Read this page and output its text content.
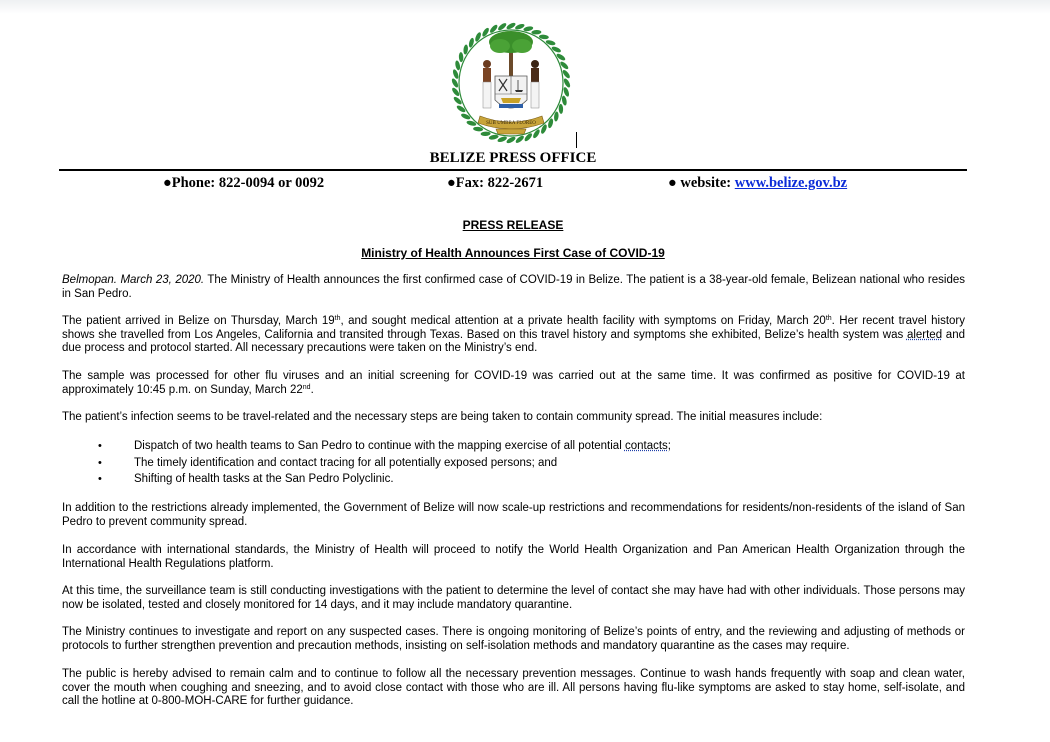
SUB UMBRA FLOREO
BELIZE PRESS OFFICE
●Phone: 822-0094 or 0092	●Fax: 822-2671	● website: www.belize.gov.bz
PRESS RELEASE
Ministry of Health Announces First Case of COVID-19

Belmopan. March 23, 2020. The Ministry of Health announces the first confirmed case of COVID-19 in Belize. The patient is a 38-year-old female, Belizean national who resides in San Pedro.

The patient arrived in Belize on Thursday, March 19th, and sought medical attention at a private health facility with symptoms on Friday, March 20th. Her recent travel history shows she travelled from Los Angeles, California and transited through Texas. Based on this travel history and symptoms she exhibited, Belize’s health system was alerted and due process and protocol started. All necessary precautions were taken on the Ministry’s end.

The sample was processed for other flu viruses and an initial screening for COVID-19 was carried out at the same time. It was confirmed as positive for COVID-19 at approximately 10:45 p.m. on Sunday, March 22nd.

The patient’s infection seems to be travel-related and the necessary steps are being taken to contain community spread. The initial measures include:

•	Dispatch of two health teams to San Pedro to continue with the mapping exercise of all potential contacts;
•	The timely identification and contact tracing for all potentially exposed persons; and
•	Shifting of health tasks at the San Pedro Polyclinic.

In addition to the restrictions already implemented, the Government of Belize will now scale-up restrictions and recommendations for residents/non-residents of the island of San Pedro to prevent community spread.

In accordance with international standards, the Ministry of Health will proceed to notify the World Health Organization and Pan American Health Organization through the International Health Regulations platform.

At this time, the surveillance team is still conducting investigations with the patient to determine the level of contact she may have had with other individuals. Those persons may now be isolated, tested and closely monitored for 14 days, and it may include mandatory quarantine.

The Ministry continues to investigate and report on any suspected cases. There is ongoing monitoring of Belize’s points of entry, and the reviewing and adjusting of methods or protocols to further strengthen prevention and precaution methods, insisting on self-isolation methods and mandatory quarantine as the cases may require.

The public is hereby advised to remain calm and to continue to follow all the necessary prevention messages. Continue to wash hands frequently with soap and clean water, cover the mouth when coughing and sneezing, and to avoid close contact with those who are ill. All persons having flu-like symptoms are asked to stay home, self-isolate, and call the hotline at 0-800-MOH-CARE for further guidance.
